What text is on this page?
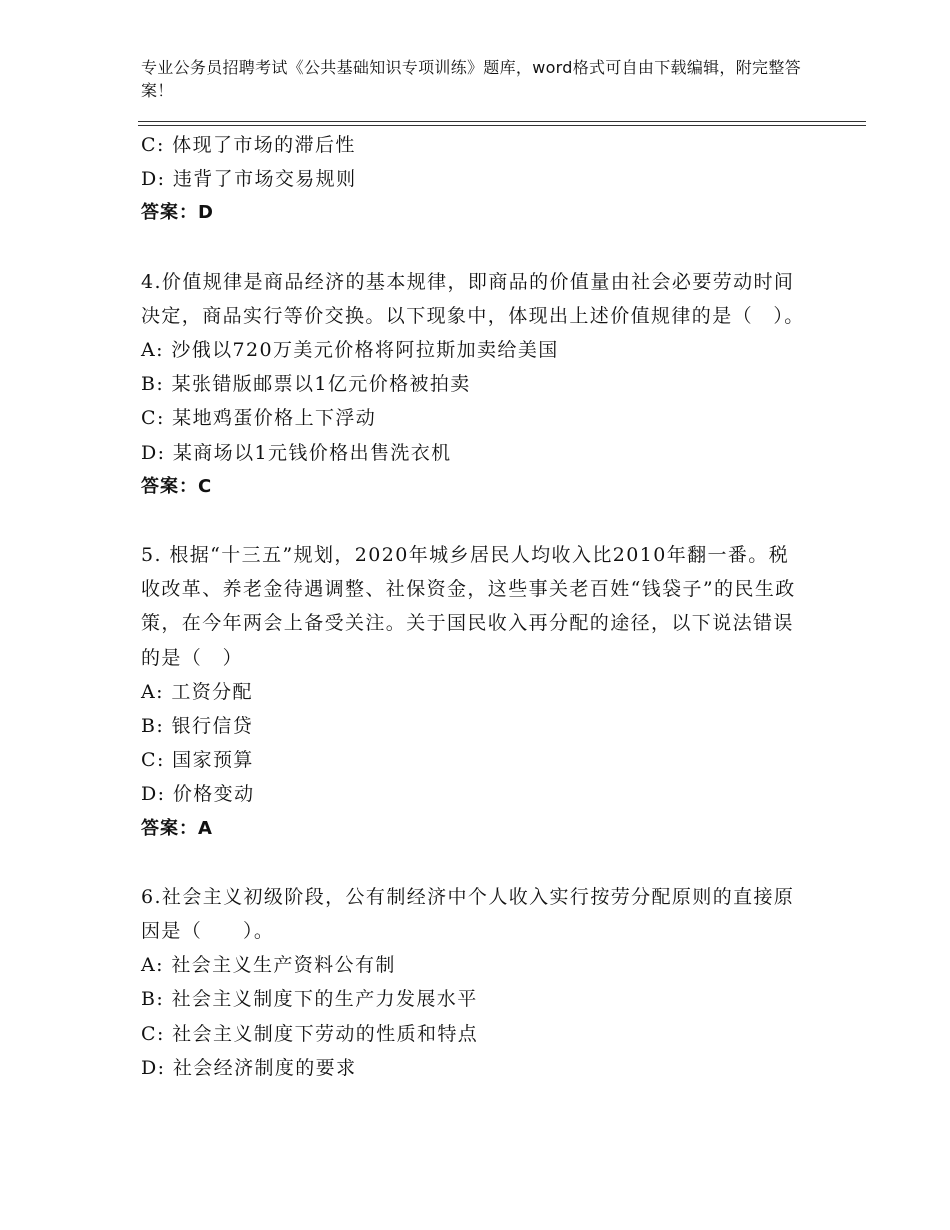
专业公务员招聘考试《公共基础知识专项训练》题库，word格式可自由下载编辑，附完整答案！
C: 体现了市场的滞后性
D: 违背了市场交易规则
答案：D
4.价值规律是商品经济的基本规律，即商品的价值量由社会必要劳动时间决定，商品实行等价交换。以下现象中，体现出上述价值规律的是（　）。
A: 沙俄以720万美元价格将阿拉斯加卖给美国
B: 某张错版邮票以1亿元价格被拍卖
C: 某地鸡蛋价格上下浮动
D: 某商场以1元钱价格出售洗衣机
答案：C
5. 根据“十三五”规划，2020年城乡居民人均收入比2010年翻一番。税收改革、养老金待遇调整、社保资金，这些事关老百姓“钱袋子”的民生政策，在今年两会上备受关注。关于国民收入再分配的途径，以下说法错误的是（　）
A: 工资分配
B: 银行信贷
C: 国家预算
D: 价格变动
答案：A
6.社会主义初级阶段，公有制经济中个人收入实行按劳分配原则的直接原因是（　　）。
A: 社会主义生产资料公有制
B: 社会主义制度下的生产力发展水平
C: 社会主义制度下劳动的性质和特点
D: 社会经济制度的要求
